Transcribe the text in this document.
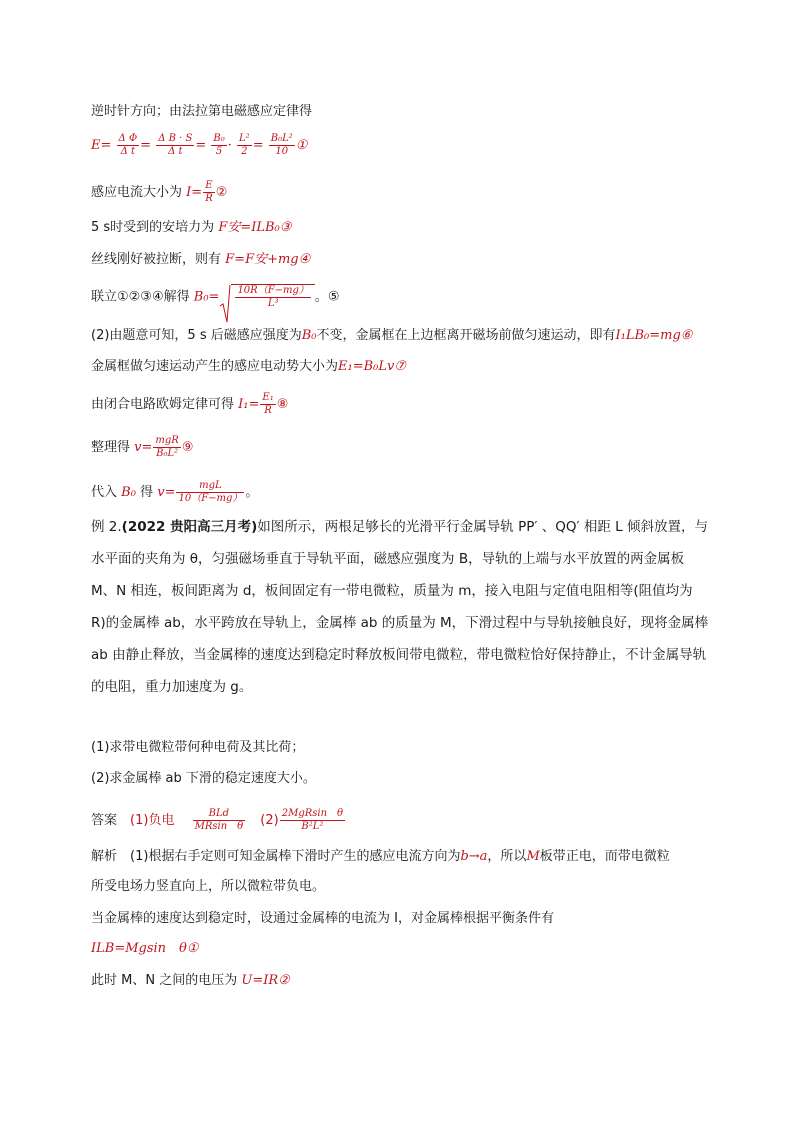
逆时针方向；由法拉第电磁感应定律得
$E= \frac{\text{Δ Φ}}{\text{Δ t}} = \frac{\text{Δ B · S}}{\text{Δ t}} = \frac{\text{B₀}}{5} \cdot \frac{\text{L²}}{2} = \frac{\text{B₀L²}}{10}$ ①
感应电流大小为 $I= \frac{E}{R}$ ②
5 s时受到的安培力为 F安=ILB₀③
丝线刚好被拉断，则有 F=F安+mg④
联立①②③④解得 $B_0= \frac{10R(F-mg)}{\text{L³}}$ 。⑤
(2)由题意可知，5 s 后磁感应强度为B₀不变，金属框在上边框离开磁场前做匀速运动，即有I₁LB₀=mg⑥
金属框做匀速运动产生的感应电动势大小为E₁=B₀Lv⑦
由闭合电路欧姆定律可得 $I_1= \frac{\text{E₁}}{R}$ ⑧
整理得 $v= \frac{\text{mgR}}{\text{B₀L²}}$ ⑨
代入 B₀ 得 $v= \frac{\text{mgL}}{10(F-mg)}$ 。
例 2.(2022 贵阳高三月考)如图所示，两根足够长的光滑平行金属导轨 PP′ 、QQ′ 相距 L 倾斜放置，与水平面的夹角为 θ，匀强磁场垂直于导轨平面，磁感应强度为 B，导轨的上端与水平放置的两金属板 M、N 相连，板间距离为 d，板间固定有一带电微粒，质量为 m，接入电阻与定值电阻相等(阻值均为 R)的金属棒 ab，水平跨放在导轨上，金属棒 ab 的质量为 M，下滑过程中与导轨接触良好，现将金属棒 ab 由静止释放，当金属棒的速度达到稳定时释放板间带电微粒，带电微粒恰好保持静止，不计金属导轨的电阻，重力加速度为 g。
(1)求带电微粒带何种电荷及其比荷；
(2)求金属棒 ab 下滑的稳定速度大小。
答案　 (1)负电 $\frac{\text{BLd}}{\text{MRsin　θ}} (2) \frac{\text{2MgRsin　θ}}{\text{B²L²}}$
解析　 (1)根据右手定则可知金属棒下滑时产生的感应电流方向为b→a，所以M板带正电，而带电微粒
所受电场力竖直向上，所以微粒带负电。
当金属棒的速度达到稳定时，设通过金属棒的电流为 I，对金属棒根据平衡条件有
ILB=Mgsin　θ①
此时 M、N 之间的电压为 U=IR②
